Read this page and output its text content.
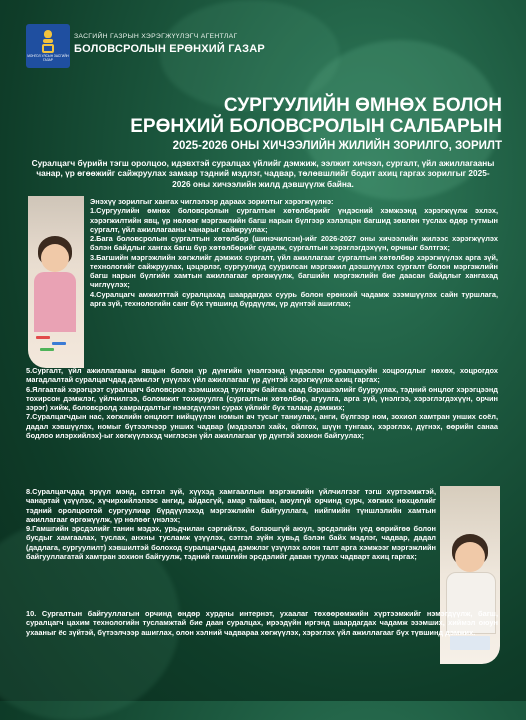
МОНГОЛ УЛСЫН ЗАСГИЙН ГАЗАР
ЗАСГИЙН ГАЗРЫН ХЭРЭГЖҮҮЛЭГЧ АГЕНТЛАГ
БОЛОВСРОЛЫН ЕРӨНХИЙ ГАЗАР
СУРГУУЛИЙН ӨМНӨХ БОЛОН
ЕРӨНХИЙ БОЛОВСРОЛЫН САЛБАРЫН
2025-2026 ОНЫ ХИЧЭЭЛИЙН ЖИЛИЙН ЗОРИЛГО, ЗОРИЛТ
Суралцагч бүрийн тэгш оролцоо, идэвхтэй суралцах үйлийг дэмжиж, ээлжит хичээл, сургалт, үйл ажиллагааны чанар, үр өгөөжийг сайжруулах замаар тэдний мэдлэг, чадвар, төлөвшлийг бодит ахиц гаргах зорилгыг 2025-2026 оны хичээлийн жилд дэвшүүлж байна.

Энэхүү зорилгыг хангах чиглэлээр дараах зорилтыг хэрэгжүүлнэ:

1.Сургуулийн өмнөх боловсролын сургалтын хөтөлбөрийг үндэсний хэмжээнд хэрэгжүүлж эхлэх, хэрэгжилтийн явц, үр нөлөөг мэргэжлийн багш нарын бүлгээр хэлэлцэн багшид зөвлөн туслах өдөр тутмын сургалт, үйл ажиллагааны чанарыг сайжруулах;

2.Бага боловсролын сургалтын хөтөлбөр (шинэчилсэн)-ийг 2026-2027 оны хичээлийн жилээс хэрэгжүүлэх бэлэн байдлыг хангах багш бүр хөтөлбөрийг судалж, сургалтын хэрэглэгдэхүүн, орчныг бэлтгэх;

3.Багшийн мэргэжлийн хөгжлийг дэмжих сургалт, үйл ажиллагааг сургалтын хөтөлбөр хэрэгжүүлэх арга зүй, технологийг сайжруулах, цэцэрлэг, сургуулиуд суурилсан мэргэжил дээшлүүлэх сургалт болон мэргэжлийн багш нарын бүлгийн хамтын ажиллагааг өргөжүүлж, багшийн мэргэжлийн бие даасан байдлыг хангахад чиглүүлэх;

4.Суралцагч амжилттай суралцахад шаардагдах суурь болон ерөнхий чадамж эзэмшүүлэх сайн туршлага, арга зүй, технологийн санг бүх түвшинд бүрдүүлж, үр дүнтэй ашиглах;

5.Сургалт, үйл ажиллагааны явцын болон үр дүнгийн үнэлгээнд үндэслэн суралцахуйн хоцрогдлыг нөхөх, хоцрогдох магадлалтай суралцагчдад дэмжлэг үзүүлэх үйл ажиллагааг үр дүнтэй хэрэгжүүлж ахиц гаргах;

6.Ялгаатай хэрэгцээт суралцагч боловсрол эзэмшихэд тулгарч байгаа саад бэрхшээлийг бууруулах, тэдний онцлог хэрэгцээнд тохирсон дэмжлэг, үйлчилгээ, боломжит тохируулга (сургалтын хөтөлбөр, агуулга, арга зүй, үнэлгээ, хэрэглэгдэхүүн, орчин зэрэг) хийж, боловсролд хамрагдалтыг нэмэгдүүлэн сурах үйлийг бүх талаар дэмжих;

7.Суралцагчдын нас, хөгжлийн онцлогт нийцүүлэн номын ач тусыг таниулах, анги, бүлгээр ном, зохиол хамтран унших соёл, дадал хэвшүүлэх, номыг бүтээлчээр унших чадвар (мэдээлэл хайх, ойлгох, шүүн тунгаах, хэрэглэх, дүгнэх, өөрийн санаа бодлоо илэрхийлэх)-ыг хөгжүүлэхэд чиглэсэн үйл ажиллагааг үр дүнтэй зохион байгуулах;

8.Суралцагчдад эрүүл мэнд, сэтгэл зүй, хүүхэд хамгааллын мэргэжлийн үйлчилгээг тэгш хүртээмжтэй, чанартай үзүүлэх, хүчирхийлэлээс ангид, айдасгүй, амар тайван, аюулгүй орчинд сурч, хөгжих нөхцөлийг тэдний оролцоотой сургуулиар бүрдүүлэхэд мэргэжлийн байгууллага, нийгмийн түншлэлийн хамтын ажиллагааг өргөжүүлж, үр нөлөөг үнэлэх;

9.Гамшгийн эрсдэлийг танин мэдэх, урьдчилан сэргийлэх, болзошгүй аюул, эрсдэлийн үед өөрийгөө болон бусдыг хамгаалах, туслах, анхны тусламж үзүүлэх, сэтгэл зүйн хувьд бэлэн байх мэдлэг, чадвар, дадал (дадлага, сургуулилт) хэвшилтэй болоход суралцагчдад дэмжлэг үзүүлэх олон талт арга хэмжээг мэргэжлийн байгууллагатай хамтран зохион байгуулж, тэдний гамшгийн эрсдэлийг даван туулах чадварт ахиц гаргах;

10. Сургалтын байгууллагын орчинд өндөр хурдны интернэт, ухаалаг төхөөрөмжийн хүртээмжийг нэмэгдүүлж, багш, суралцагч цахим технологийн тусламжтай бие даан суралцах, ирээдүйн иргэнд шаардагдах чадамж эзэмших, хиймэл оюун ухааныг ёс зүйтэй, бүтээлчээр ашиглах, олон хэлний чадвараа хөгжүүлэх, хэрэглэх үйл ажиллагааг бүх түвшинд дэмжих.
